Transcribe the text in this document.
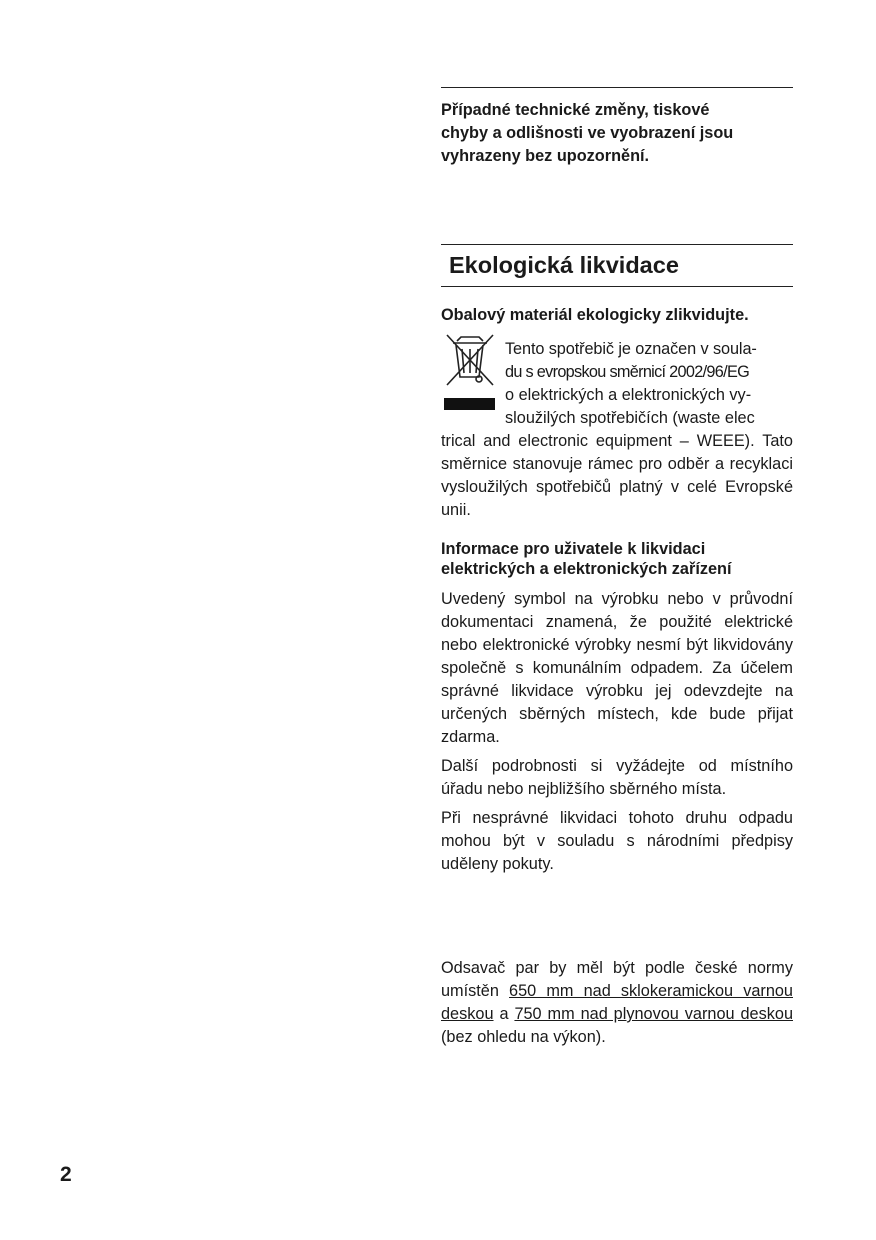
Případné technické změny, tiskové
chyby a odlišnosti ve vyobrazení jsou
vyhrazeny bez upozornění.
Ekologická likvidace
Obalový materiál ekologicky zlikvidujte.
Tento spotřebič je označen v soula-
du s evropskou směrnicí 2002/96/EG
o elektrických a elektronických vy-
sloužilých spotřebičích (waste elec

trical and electronic equipment – WEEE). Tato směrnice stanovuje rámec pro odběr a recyklaci vysloužilých spotřebičů platný v celé Evropské unii.

Informace pro uživatele k likvidaci
elektrických a elektronických zařízení

Uvedený symbol na výrobku nebo v průvodní dokumentaci znamená, že použité elektrické nebo elektronické výrobky nesmí být likvidovány společně s komunálním odpadem. Za účelem správné likvidace výrobku jej odevzdejte na určených sběrných místech, kde bude přijat zdarma.

Další podrobnosti si vyžádejte od místního úřadu nebo nejbližšího sběrného místa.

Při nesprávné likvidaci tohoto druhu odpadu mohou být v souladu s národními předpisy uděleny pokuty.

Odsavač par by měl být podle české normy umístěn 650 mm nad sklokeramickou varnou deskou a 750 mm nad plynovou varnou deskou (bez ohledu na výkon).

2
